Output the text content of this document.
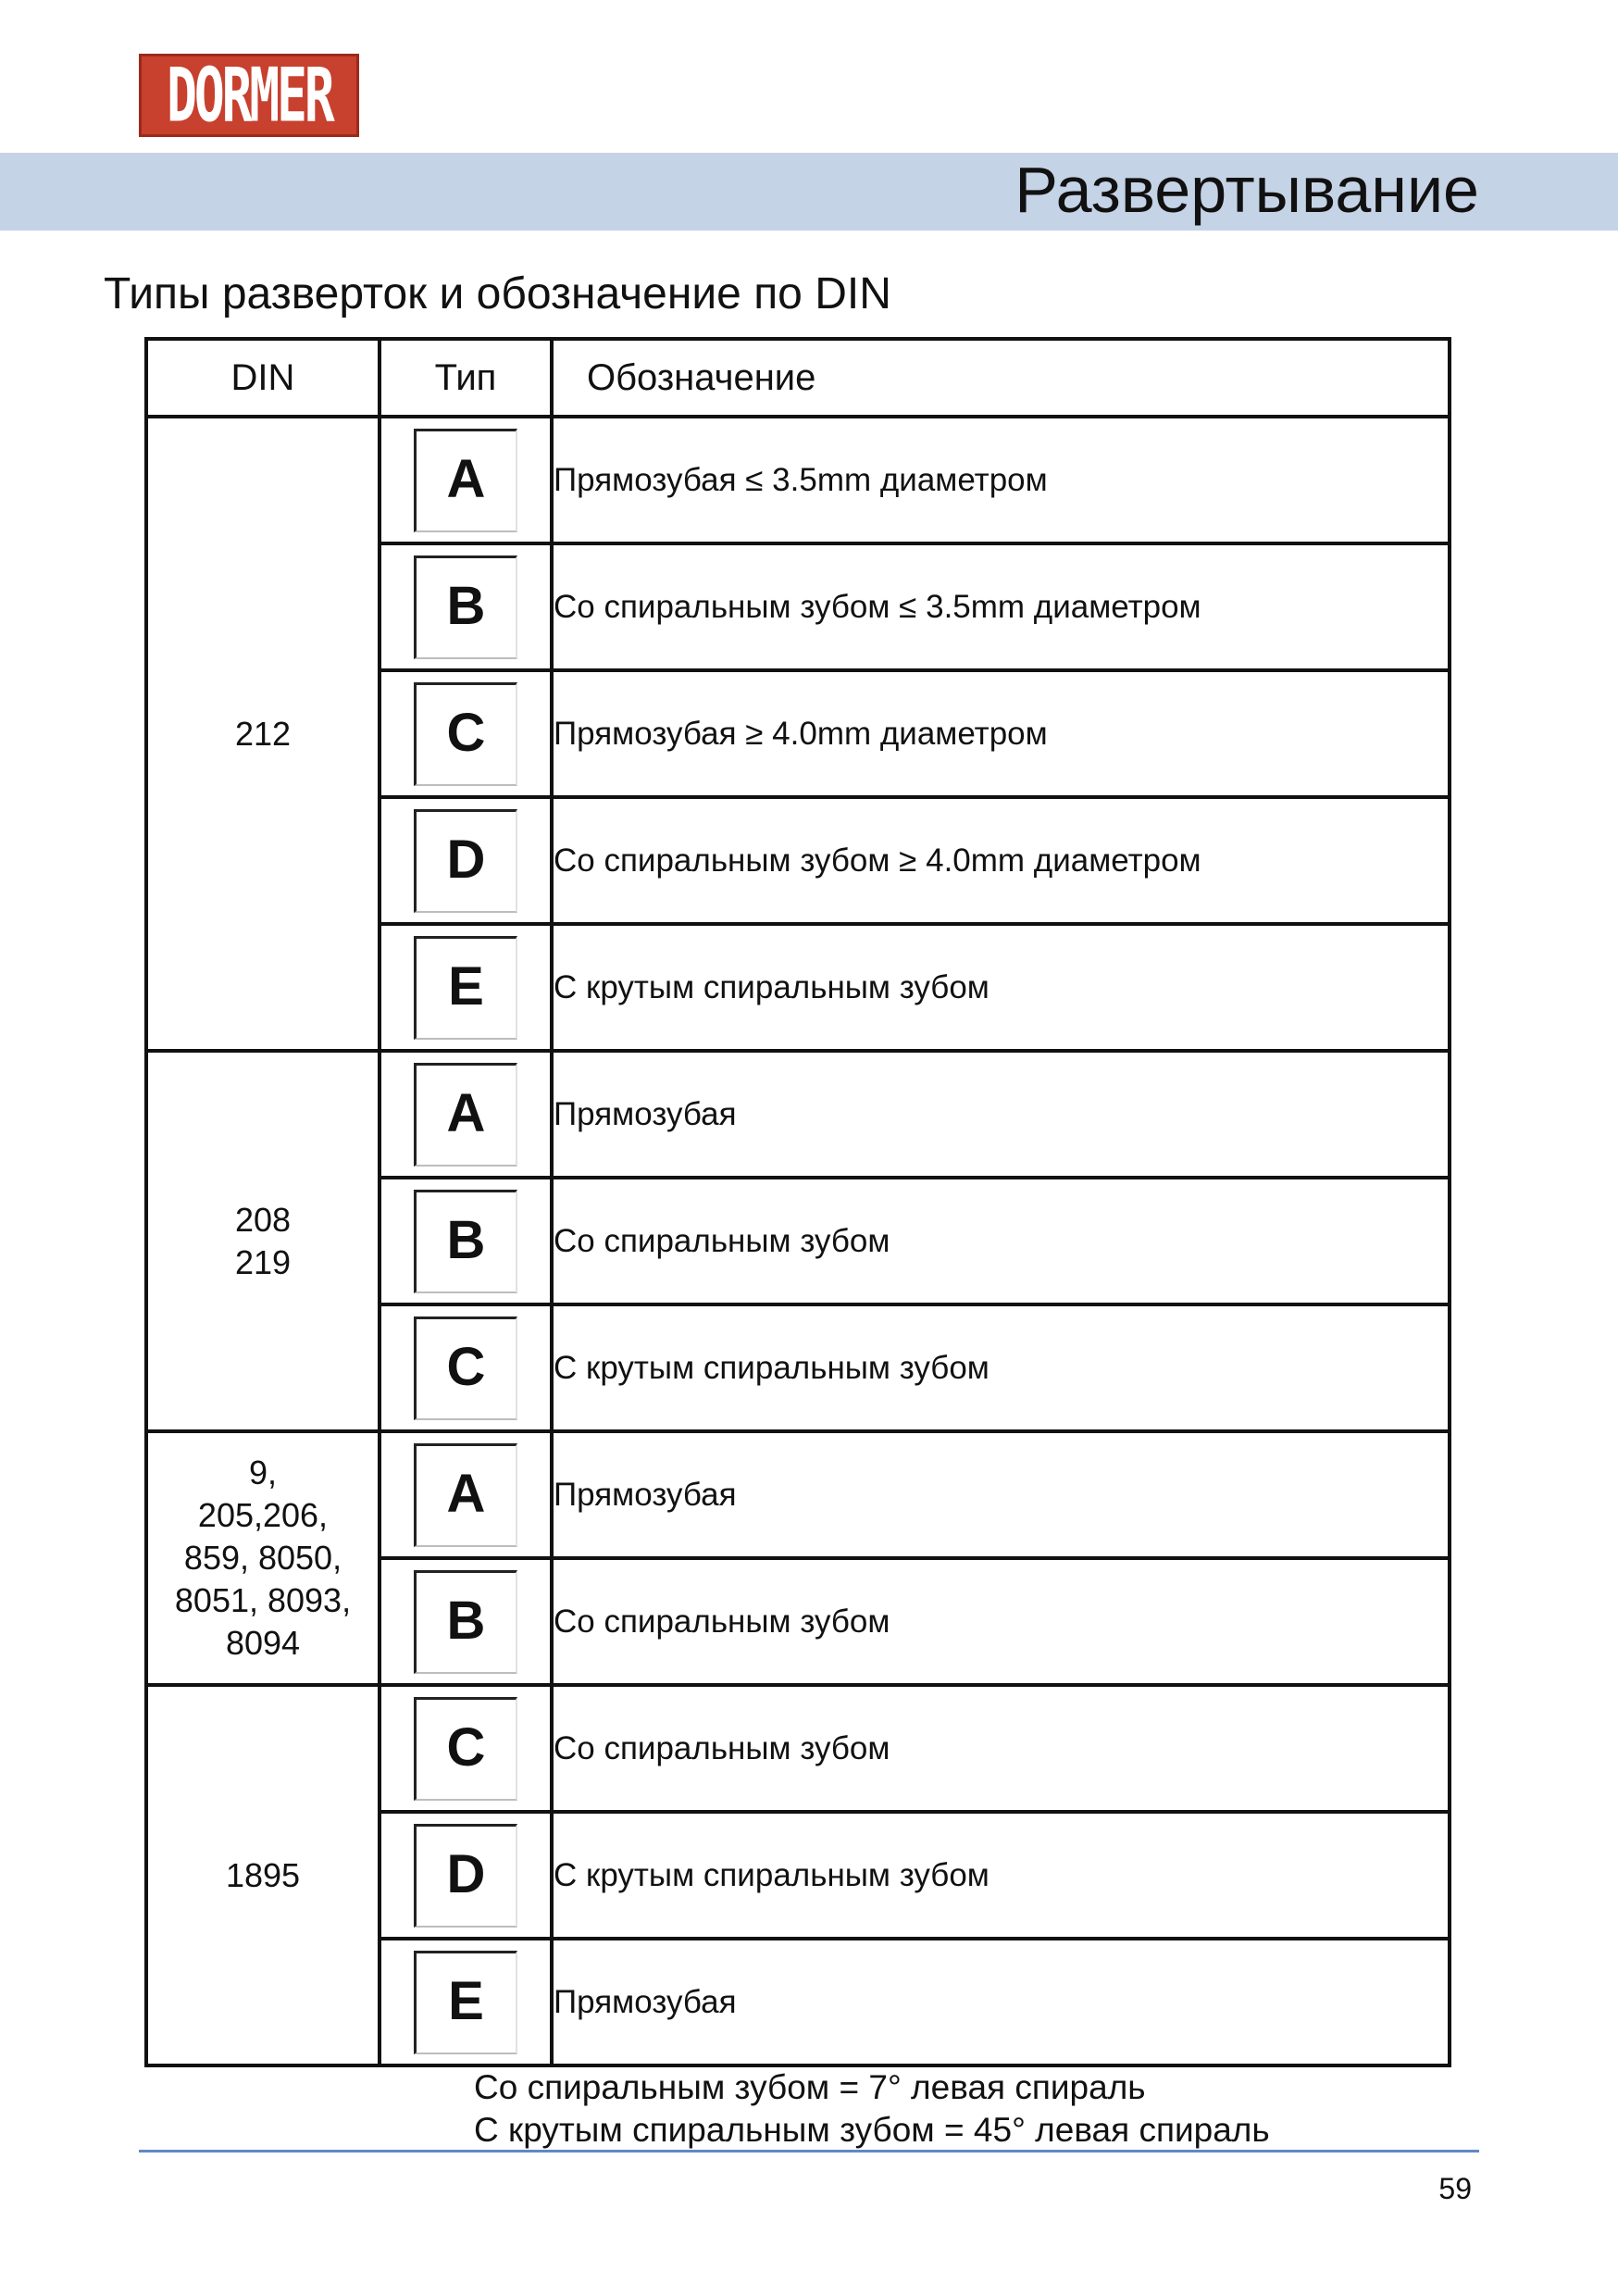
DORMER
Развертывание
Типы разверток и обозначение по DIN
DIN	Тип	Обозначение

212	A	Прямозубая ≤ 3.5mm диаметром

	B	Со спиральным зубом ≤ 3.5mm диаметром

	C	Прямозубая ≥ 4.0mm диаметром

	D	Со спиральным зубом ≥ 4.0mm диаметром

	E	С крутым спиральным зубом

208
219	A	Прямозубая

	B	Со спиральным зубом

	C	С крутым спиральным зубом

9,
205,206,
859, 8050,
8051, 8093,
8094	A	Прямозубая

	B	Со спиральным зубом

1895	C	Со спиральным зубом

	D	С крутым спиральным зубом

	E	Прямозубая
Со спиральным зубом = 7° левая спираль
С крутым спиральным зубом = 45° левая спираль
59
